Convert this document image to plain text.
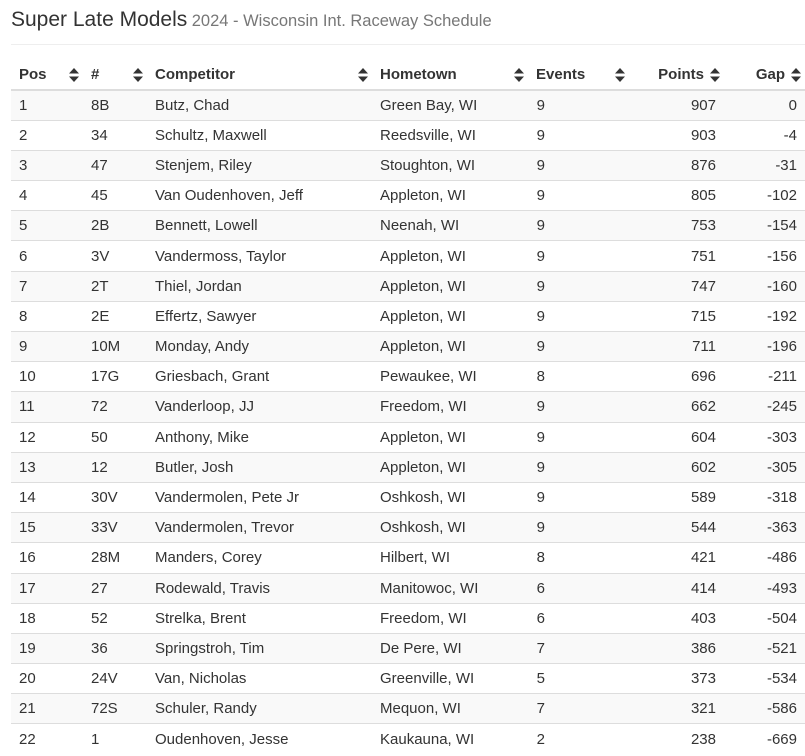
Super Late Models 2024 - Wisconsin Int. Raceway Schedule
Pos	#	Competitor	Hometown	Events	Points	Gap

1	8B	Butz, Chad	Green Bay, WI	9	907	0
2	34	Schultz, Maxwell	Reedsville, WI	9	903	-4
3	47	Stenjem, Riley	Stoughton, WI	9	876	-31
4	45	Van Oudenhoven, Jeff	Appleton, WI	9	805	-102
5	2B	Bennett, Lowell	Neenah, WI	9	753	-154
6	3V	Vandermoss, Taylor	Appleton, WI	9	751	-156
7	2T	Thiel, Jordan	Appleton, WI	9	747	-160
8	2E	Effertz, Sawyer	Appleton, WI	9	715	-192
9	10M	Monday, Andy	Appleton, WI	9	711	-196
10	17G	Griesbach, Grant	Pewaukee, WI	8	696	-211
11	72	Vanderloop, JJ	Freedom, WI	9	662	-245
12	50	Anthony, Mike	Appleton, WI	9	604	-303
13	12	Butler, Josh	Appleton, WI	9	602	-305
14	30V	Vandermolen, Pete Jr	Oshkosh, WI	9	589	-318
15	33V	Vandermolen, Trevor	Oshkosh, WI	9	544	-363
16	28M	Manders, Corey	Hilbert, WI	8	421	-486
17	27	Rodewald, Travis	Manitowoc, WI	6	414	-493
18	52	Strelka, Brent	Freedom, WI	6	403	-504
19	36	Springstroh, Tim	De Pere, WI	7	386	-521
20	24V	Van, Nicholas	Greenville, WI	5	373	-534
21	72S	Schuler, Randy	Mequon, WI	7	321	-586
22	1	Oudenhoven, Jesse	Kaukauna, WI	2	238	-669
